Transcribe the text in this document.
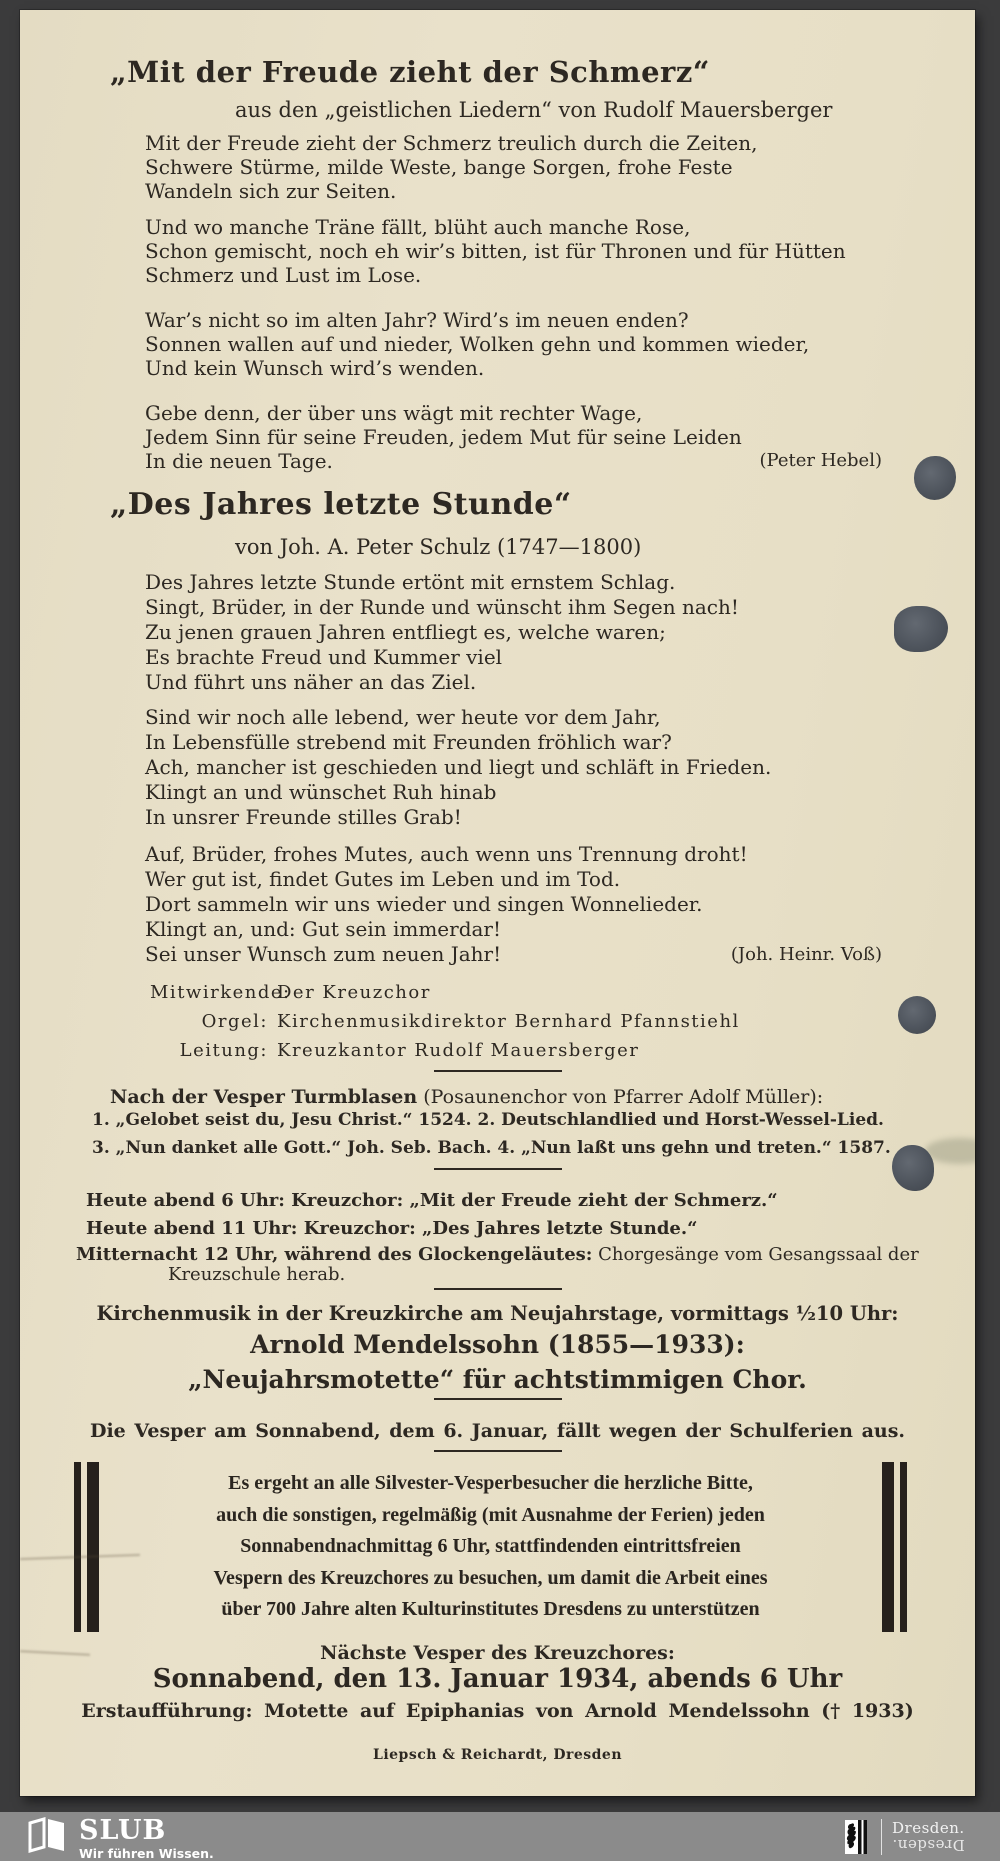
„Mit der Freude zieht der Schmerz“
aus den „geistlichen Liedern“ von Rudolf Mauersberger
Mit der Freude zieht der Schmerz treulich durch die Zeiten,
Schwere Stürme, milde Weste, bange Sorgen, frohe Feste
Wandeln sich zur Seiten.
Und wo manche Träne fällt, blüht auch manche Rose,
Schon gemischt, noch eh wir’s bitten, ist für Thronen und für Hütten
Schmerz und Lust im Lose.
War’s nicht so im alten Jahr? Wird’s im neuen enden?
Sonnen wallen auf und nieder, Wolken gehn und kommen wieder,
Und kein Wunsch wird’s wenden.
Gebe denn, der über uns wägt mit rechter Wage,
Jedem Sinn für seine Freuden, jedem Mut für seine Leiden
In die neuen Tage.	(Peter Hebel)
„Des Jahres letzte Stunde“
von Joh. A. Peter Schulz (1747—1800)
Des Jahres letzte Stunde ertönt mit ernstem Schlag.
Singt, Brüder, in der Runde und wünscht ihm Segen nach!
Zu jenen grauen Jahren entfliegt es, welche waren;
Es brachte Freud und Kummer viel
Und führt uns näher an das Ziel.
Sind wir noch alle lebend, wer heute vor dem Jahr,
In Lebensfülle strebend mit Freunden fröhlich war?
Ach, mancher ist geschieden und liegt und schläft in Frieden.
Klingt an und wünschet Ruh hinab
In unsrer Freunde stilles Grab!
Auf, Brüder, frohes Mutes, auch wenn uns Trennung droht!
Wer gut ist, findet Gutes im Leben und im Tod.
Dort sammeln wir uns wieder und singen Wonnelieder.
Klingt an, und: Gut sein immerdar!
Sei unser Wunsch zum neuen Jahr!	(Joh. Heinr. Voß)
Mitwirkende:
Der Kreuzchor
Orgel: Kirchenmusikdirektor Bernhard Pfannstiehl
Leitung: Kreuzkantor Rudolf Mauersberger
Nach der Vesper Turmblasen (Posaunenchor von Pfarrer Adolf Müller):
1. „Gelobet seist du, Jesu Christ.“ 1524. 2. Deutschlandlied und Horst-Wessel-Lied.
3. „Nun danket alle Gott.“ Joh. Seb. Bach. 4. „Nun laßt uns gehn und treten.“ 1587.
Heute abend 6 Uhr: Kreuzchor: „Mit der Freude zieht der Schmerz.“
Heute abend 11 Uhr: Kreuzchor: „Des Jahres letzte Stunde.“
Mitternacht 12 Uhr, während des Glockengeläutes: Chorgesänge vom Gesangssaal der
Kreuzschule herab.
Kirchenmusik in der Kreuzkirche am Neujahrstage, vormittags ½10 Uhr:
Arnold Mendelssohn (1855—1933):
„Neujahrsmotette“ für achtstimmigen Chor.
Die Vesper am Sonnabend, dem 6. Januar, fällt wegen der Schulferien aus.
Es ergeht an alle Silvester-Vesperbesucher die herzliche Bitte,
auch die sonstigen, regelmäßig (mit Ausnahme der Ferien) jeden
Sonnabendnachmittag 6 Uhr, stattfindenden eintrittsfreien
Vespern des Kreuzchores zu besuchen, um damit die Arbeit eines
über 700 Jahre alten Kulturinstitutes Dresdens zu unterstützen
Nächste Vesper des Kreuzchores:
Sonnabend, den 13. Januar 1934, abends 6 Uhr
Erstaufführung: Motette auf Epiphanias von Arnold Mendelssohn († 1933)
Liepsch & Reichardt, Dresden
SLUB
Wir führen Wissen.
Dresden.
Dresden.
